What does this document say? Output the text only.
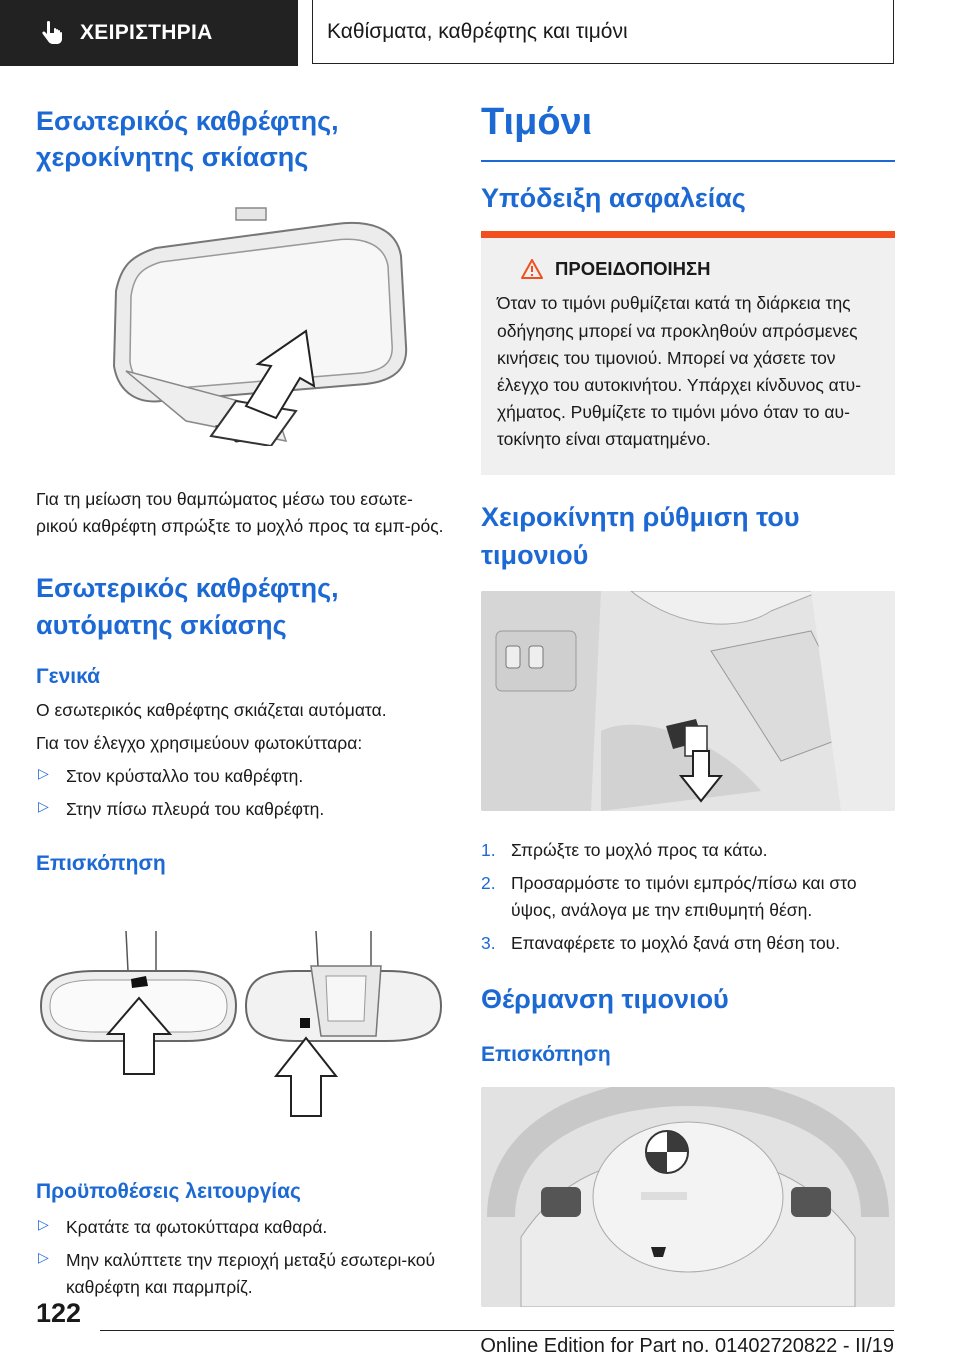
ΧΕΙΡΙΣΤΗΡΙΑ	Καθίσματα, καθρέφτης και τιμόνι
Εσωτερικός καθρέφτης, χεροκίνητης σκίασης

Για τη μείωση του θαμπώματος μέσω του εσωτε-ρικού καθρέφτη σπρώξτε το μοχλό προς τα εμπ-ρός.

Εσωτερικός καθρέφτης, αυτόματης σκίασης
Γενικά

Ο εσωτερικός καθρέφτης σκιάζεται αυτόματα.

Για τον έλεγχο χρησιμεύουν φωτοκύτταρα:

▷ Στον κρύσταλλο του καθρέφτη.
▷ Στην πίσω πλευρά του καθρέφτη.
Επισκόπηση
Προϋποθέσεις λειτουργίας
▷ Κρατάτε τα φωτοκύτταρα καθαρά.
▷ Μην καλύπτετε την περιοχή μεταξύ εσωτερι-κού καθρέφτη και παρμπρίζ.
Τιμόνι
Υπόδειξη ασφαλείας
ΠΡΟΕΙΔΟΠΟΙΗΣΗ

Όταν το τιμόνι ρυθμίζεται κατά τη διάρκεια της οδήγησης μπορεί να προκληθούν απρόσμενες κινήσεις του τιμονιού. Μπορεί να χάσετε τον έλεγχο του αυτοκινήτου. Υπάρχει κίνδυνος ατυ-χήματος. Ρυθμίζετε το τιμόνι μόνο όταν το αυ-τοκίνητο είναι σταματημένο.

Χειροκίνητη ρύθμιση του τιμονιού
1. Σπρώξτε το μοχλό προς τα κάτω.
2. Προσαρμόστε το τιμόνι εμπρός/πίσω και στο ύψος, ανάλογα με την επιθυμητή θέση.
3. Επαναφέρετε το μοχλό ξανά στη θέση του.
Θέρμανση τιμονιού
Επισκόπηση
122
Online Edition for Part no. 01402720822 - II/19
